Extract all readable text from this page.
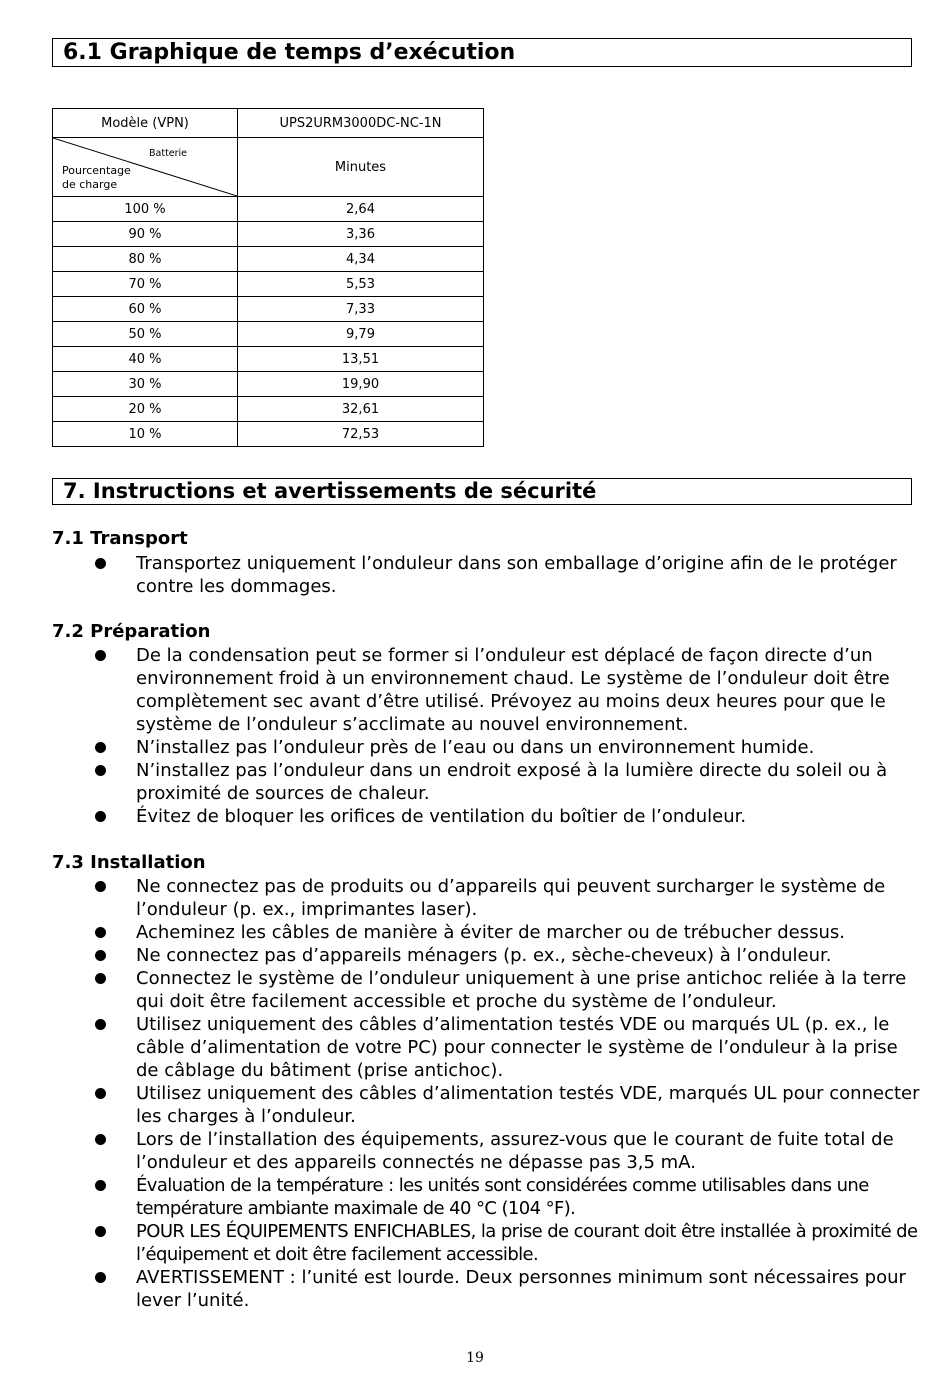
6.1 Graphique de temps d’exécution
Modèle (VPN)	UPS2URM3000DC-NC-1N

Batterie
Pourcentage
de charge	Minutes
100 %	2,64
90 %	3,36
80 %	4,34
70 %	5,53
60 %	7,33
50 %	9,79
40 %	13,51
30 %	19,90
20 %	32,61
10 %	72,53
7. Instructions et avertissements de sécurité
7.1 Transport
Transportez uniquement l’onduleur dans son emballage d’origine afin de le protéger contre les dommages.
7.2 Préparation
De la condensation peut se former si l’onduleur est déplacé de façon directe d’un environnement froid à un environnement chaud. Le système de l’onduleur doit être complètement sec avant d’être utilisé. Prévoyez au moins deux heures pour que le système de l’onduleur s’acclimate au nouvel environnement.
N’installez pas l’onduleur près de l’eau ou dans un environnement humide.
N’installez pas l’onduleur dans un endroit exposé à la lumière directe du soleil ou à proximité de sources de chaleur.
Évitez de bloquer les orifices de ventilation du boîtier de l’onduleur.
7.3 Installation
Ne connectez pas de produits ou d’appareils qui peuvent surcharger le système de l’onduleur (p. ex., imprimantes laser).
Acheminez les câbles de manière à éviter de marcher ou de trébucher dessus.
Ne connectez pas d’appareils ménagers (p. ex., sèche-cheveux) à l’onduleur.
Connectez le système de l’onduleur uniquement à une prise antichoc reliée à la terre qui doit être facilement accessible et proche du système de l’onduleur.
Utilisez uniquement des câbles d’alimentation testés VDE ou marqués UL (p. ex., le câble d’alimentation de votre PC) pour connecter le système de l’onduleur à la prise de câblage du bâtiment (prise antichoc).
Utilisez uniquement des câbles d’alimentation testés VDE, marqués UL pour connecter les charges à l’onduleur.
Lors de l’installation des équipements, assurez-vous que le courant de fuite total de l’onduleur et des appareils connectés ne dépasse pas 3,5 mA.
Évaluation de la température : les unités sont considérées comme utilisables dans une température ambiante maximale de 40 °C (104 °F).
POUR LES ÉQUIPEMENTS ENFICHABLES, la prise de courant doit être installée à proximité de l’équipement et doit être facilement accessible.
AVERTISSEMENT : l’unité est lourde. Deux personnes minimum sont nécessaires pour lever l’unité.
19
